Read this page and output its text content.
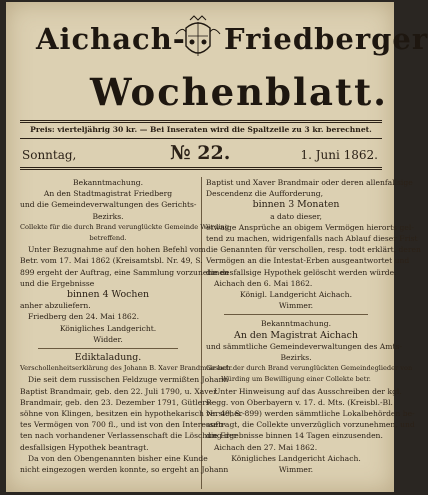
Aichach- Friedberger
Wochenblatt.
Preis: vierteljährig 30 kr. — Bei Inseraten wird die Spaltzeile zu 3 kr. berechnet.
Sonntag,	№ 22.	1. Juni 1862.
Bekanntmachung.
An den Stadtmagistrat Friedberg
und die Gemeindeverwaltungen des Gerichts-
Bezirks.
Collekte für die durch Brand verunglückte Gemeinde Würding
betreffend.
Unter Bezugnahme auf den hohen Befehl vom
Betr. vom 17. Mai 1862 (Kreisamtsbl. Nr. 49, S.
899 ergeht der Auftrag, eine Sammlung vorzunehmen
und die Ergebnisse
binnen 4 Wochen
anher abzuliefern.
Friedberg den 24. Mai 1862.
Königliches Landgericht.
Widder.
Ediktaladung.
Verschollenheitserklärung des Johann B. Xaver Brandmair betr.
Die seit dem russischen Feldzuge vermißten Johann
Baptist Brandmair, geb. den 22. Juli 1790, u. Xaver
Brandmair, geb. den 23. Dezember 1791, Gütlers-
söhne von Klingen, besitzen ein hypothekarisch versicher-
tes Vermögen von 700 fl., und ist von den Interessen-
ten nach vorhandener Verlassenschaft die Löschung der
desfallsigen Hypothek beantragt.
Da von den Obengenannten bisher eine Kunde
nicht eingezogen werden konnte, so ergeht an Johann
Baptist und Xaver Brandmair oder deren allenfallsige
Descendenz die Aufforderung,
binnen 3 Monaten
a dato dieser,
etwaige Ansprüche an obigem Vermögen hierorts gel-
tend zu machen, widrigenfalls nach Ablauf dieser Frist
die Genannten für verschollen, resp. todt erklärt, deren
Vermögen an die Intestat-Erben ausgeantwortet und
die desfallsige Hypothek gelöscht werden würde.
Aichach den 6. Mai 1862.
Königl. Landgericht Aichach.
Wimmer.
Bekanntmachung.
An den Magistrat Aichach
und sämmtliche Gemeindeverwaltungen des Amts-
Bezirks.
Gesuch der durch Brand verunglückten Gemeindeglieder von
Würding um Bewilligung einer Collekte betr.
Unter Hinweisung auf das Ausschreiben der kgl.
Regg. von Oberbayern v. 17. d. Mts. (Kreisbl.-Bl.
Nr. 49, S. 899) werden sämmtliche Lokalbehörden be-
auftragt, die Collekte unverzüglich vorzunehmen, und
die Ergebnisse binnen 14 Tagen einzusenden.
Aichach den 27. Mai 1862.
Königliches Landgericht Aichach.
Wimmer.
